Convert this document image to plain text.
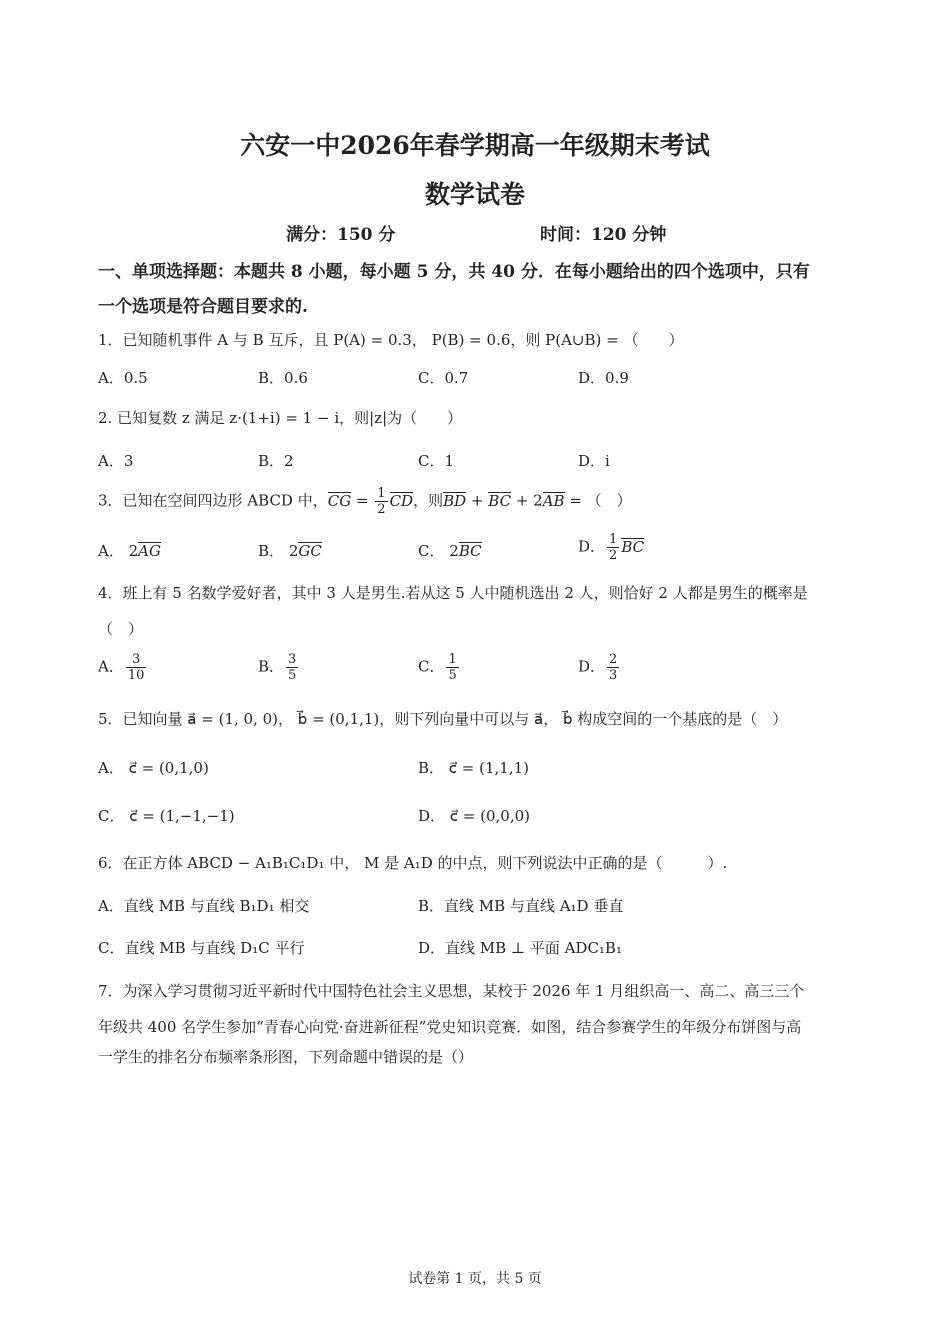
六安一中2026年春学期高一年级期末考试
数学试卷
满分：150 分	时间：120 分钟
一、单项选择题：本题共 8 小题，每小题 5 分，共 40 分．在每小题给出的四个选项中，只有
一个选项是符合题目要求的.
1．已知随机事件 A 与 B 互斥，且 P(A) = 0.3， P(B) = 0.6，则 P(A∪B) = （　　）
A．0.5	B．0.6	C．0.7	D．0.9
2. 已知复数 z 满足 z·(1+i) = 1 − i，则|z|为（　　）
A．3	B．2	C．1	D．i
3．已知在空间四边形 ABCD 中，CG = $\frac{1}{2}$ CD，则BD + BC + 2AB = （　）
A． 2AG	B． 2GC	C． 2BC	D． $\frac{1}{2}$ BC
4．班上有 5 名数学爱好者，其中 3 人是男生.若从这 5 人中随机选出 2 人，则恰好 2 人都是男生的概率是
（　）
A． $\frac{3}{10}$	B． $\frac{3}{5}$	C． $\frac{1}{5}$	D． $\frac{2}{3}$
5．已知向量 a⃗ = (1, 0, 0)， b⃗ = (0,1,1)，则下列向量中可以与 a⃗， b⃗ 构成空间的一个基底的是（　）
A． c⃗ = (0,1,0)	B． c⃗ = (1,1,1)
C． c⃗ = (1,−1,−1)	D． c⃗ = (0,0,0)
6．在正方体 ABCD − A₁B₁C₁D₁ 中， M 是 A₁D 的中点，则下列说法中正确的是（　　　）.
A．直线 MB 与直线 B₁D₁ 相交	B．直线 MB 与直线 A₁D 垂直
C．直线 MB 与直线 D₁C 平行	D．直线 MB ⊥ 平面 ADC₁B₁
7．为深入学习贯彻习近平新时代中国特色社会主义思想，某校于 2026 年 1 月组织高一、高二、高三三个
年级共 400 名学生参加“青春心向党·奋进新征程”党史知识竞赛．如图，结合参赛学生的年级分布饼图与高
一学生的排名分布频率条形图，下列命题中错误的是（）
试卷第 1 页，共 5 页
